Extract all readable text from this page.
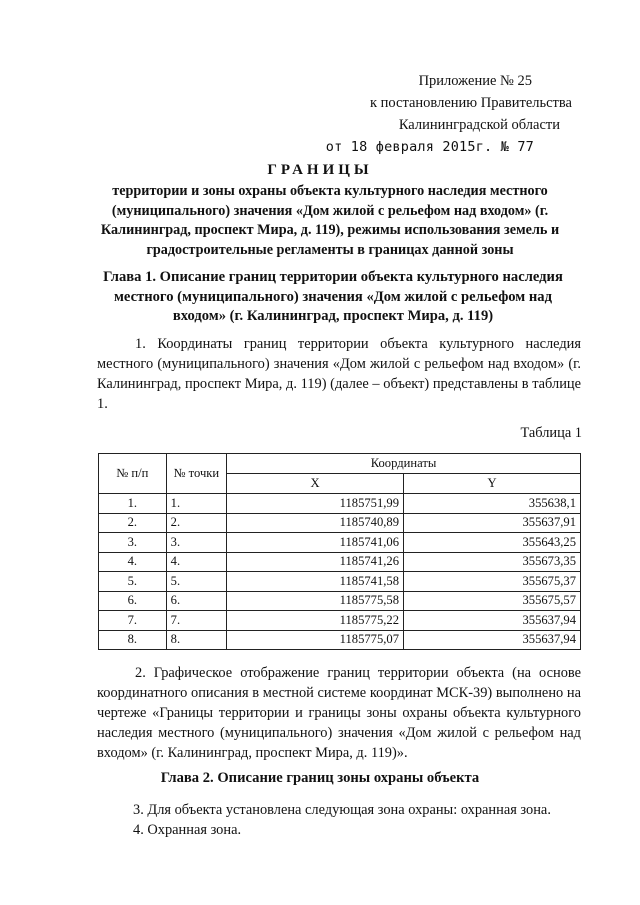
Приложение № 25
к постановлению Правительства
Калининградской области
от 18 февраля 2015г. № 77
ГРАНИЦЫ
территории и зоны охраны объекта культурного наследия местного (муниципального) значения «Дом жилой с рельефом над входом» (г. Калининград, проспект Мира, д. 119), режимы использования земель и градостроительные регламенты в границах данной зоны
Глава 1. Описание границ территории объекта культурного наследия местного (муниципального) значения «Дом жилой с рельефом над входом» (г. Калининград, проспект Мира, д. 119)
1. Координаты границ территории объекта культурного наследия местного (муниципального) значения «Дом жилой с рельефом над входом» (г. Калининград, проспект Мира, д. 119) (далее – объект) представлены в таблице 1.
Таблица 1
№ п/п	№ точки	Координаты	
		X	Y
1.	1.	1185751,99	355638,1
2.	2.	1185740,89	355637,91
3.	3.	1185741,06	355643,25
4.	4.	1185741,26	355673,35
5.	5.	1185741,58	355675,37
6.	6.	1185775,58	355675,57
7.	7.	1185775,22	355637,94
8.	8.	1185775,07	355637,94
2. Графическое отображение границ территории объекта (на основе координатного описания в местной системе координат МСК-39) выполнено на чертеже «Границы территории и границы зоны охраны объекта культурного наследия местного (муниципального) значения «Дом жилой с рельефом над входом» (г. Калининград, проспект Мира, д. 119)».
Глава 2. Описание границ зоны охраны объекта
3. Для объекта установлена следующая зона охраны: охранная зона.
4. Охранная зона.
